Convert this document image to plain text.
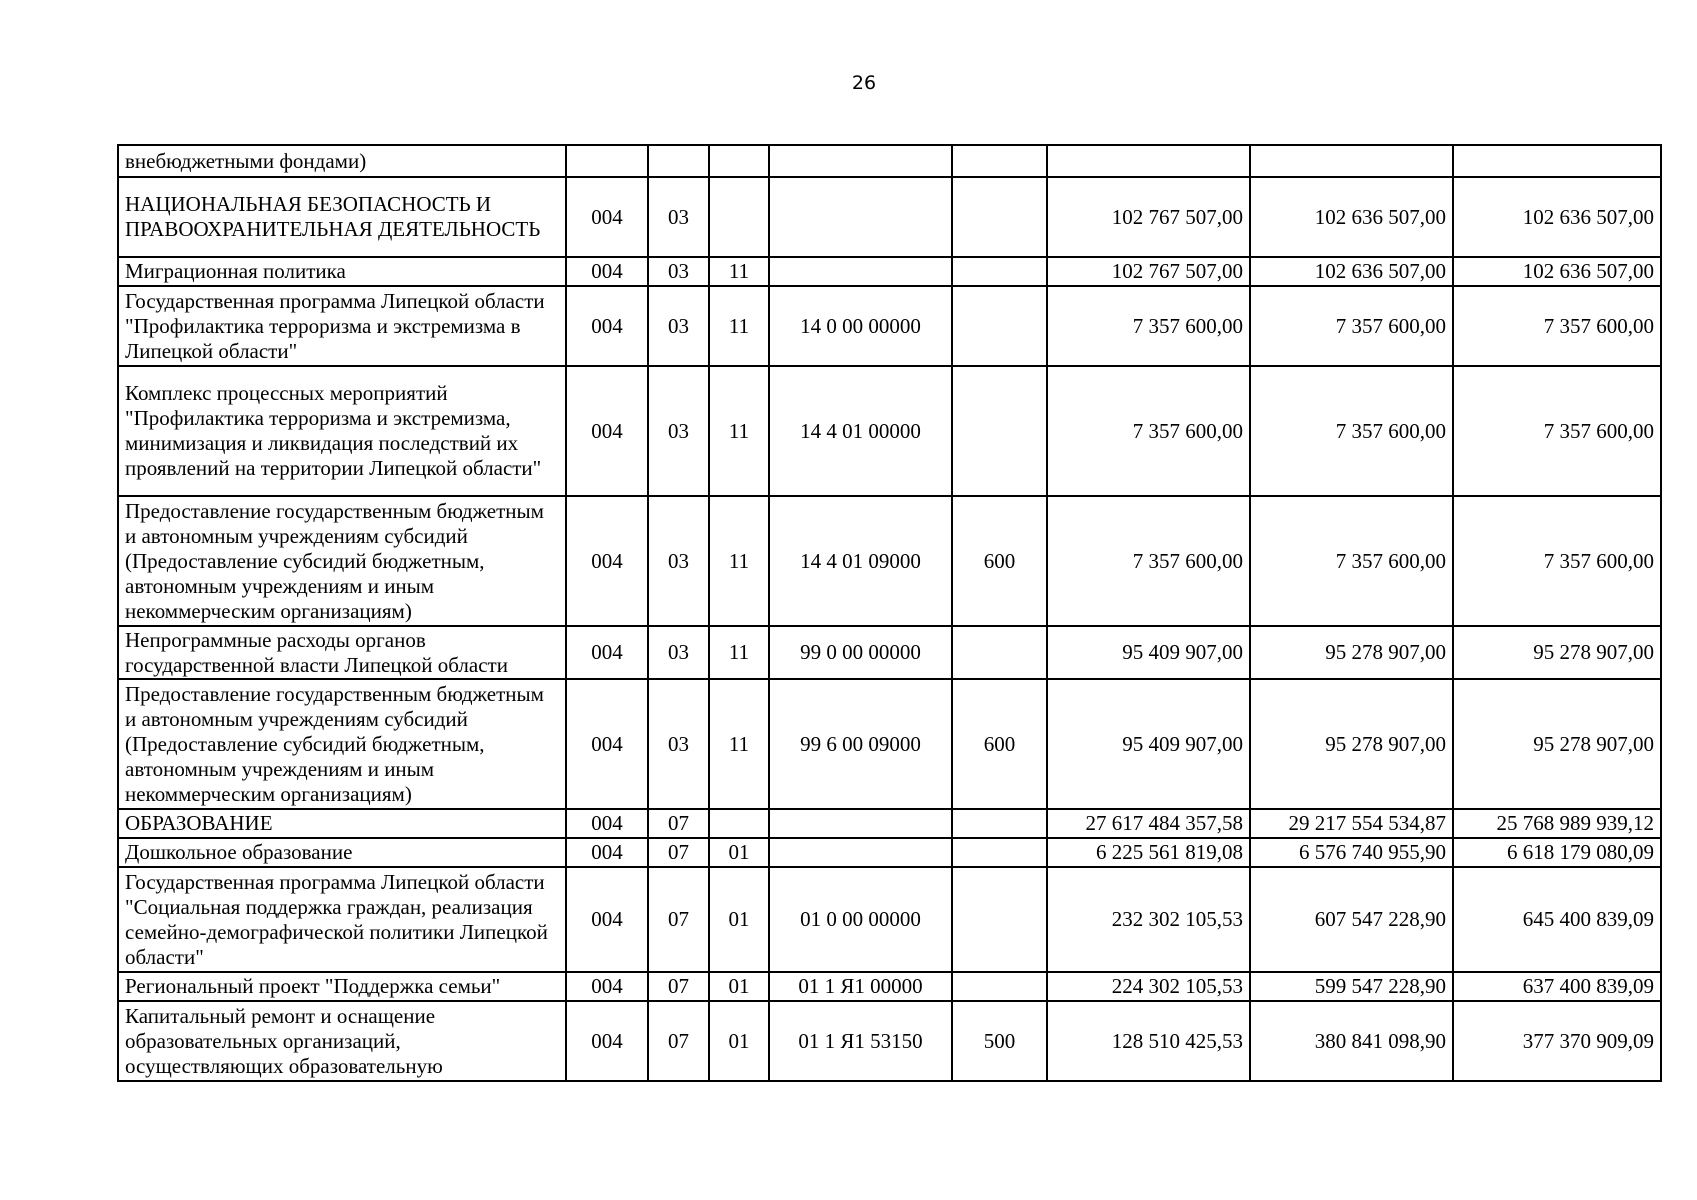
26
внебюджетными фондами)								
НАЦИОНАЛЬНАЯ БЕЗОПАСНОСТЬ И ПРАВООХРАНИТЕЛЬНАЯ ДЕЯТЕЛЬНОСТЬ	004	03				102 767 507,00	102 636 507,00	102 636 507,00
Миграционная политика	004	03	11			102 767 507,00	102 636 507,00	102 636 507,00
Государственная программа Липецкой области "Профилактика терроризма и экстремизма в Липецкой области"	004	03	11	14 0 00 00000		7 357 600,00	7 357 600,00	7 357 600,00
Комплекс процессных мероприятий "Профилактика терроризма и экстремизма, минимизация и ликвидация последствий их проявлений на территории Липецкой области"	004	03	11	14 4 01 00000		7 357 600,00	7 357 600,00	7 357 600,00
Предоставление государственным бюджетным и автономным учреждениям субсидий (Предоставление субсидий бюджетным, автономным учреждениям и иным некоммерческим организациям)	004	03	11	14 4 01 09000	600	7 357 600,00	7 357 600,00	7 357 600,00
Непрограммные расходы органов государственной власти Липецкой области	004	03	11	99 0 00 00000		95 409 907,00	95 278 907,00	95 278 907,00
Предоставление государственным бюджетным и автономным учреждениям субсидий (Предоставление субсидий бюджетным, автономным учреждениям и иным некоммерческим организациям)	004	03	11	99 6 00 09000	600	95 409 907,00	95 278 907,00	95 278 907,00
ОБРАЗОВАНИЕ	004	07				27 617 484 357,58	29 217 554 534,87	25 768 989 939,12
Дошкольное образование	004	07	01			6 225 561 819,08	6 576 740 955,90	6 618 179 080,09
Государственная программа Липецкой области "Социальная поддержка граждан, реализация семейно-демографической политики Липецкой области"	004	07	01	01 0 00 00000		232 302 105,53	607 547 228,90	645 400 839,09
Региональный проект "Поддержка семьи"	004	07	01	01 1 Я1 00000		224 302 105,53	599 547 228,90	637 400 839,09
Капитальный ремонт и оснащение образовательных организаций, осуществляющих образовательную	004	07	01	01 1 Я1 53150	500	128 510 425,53	380 841 098,90	377 370 909,09
